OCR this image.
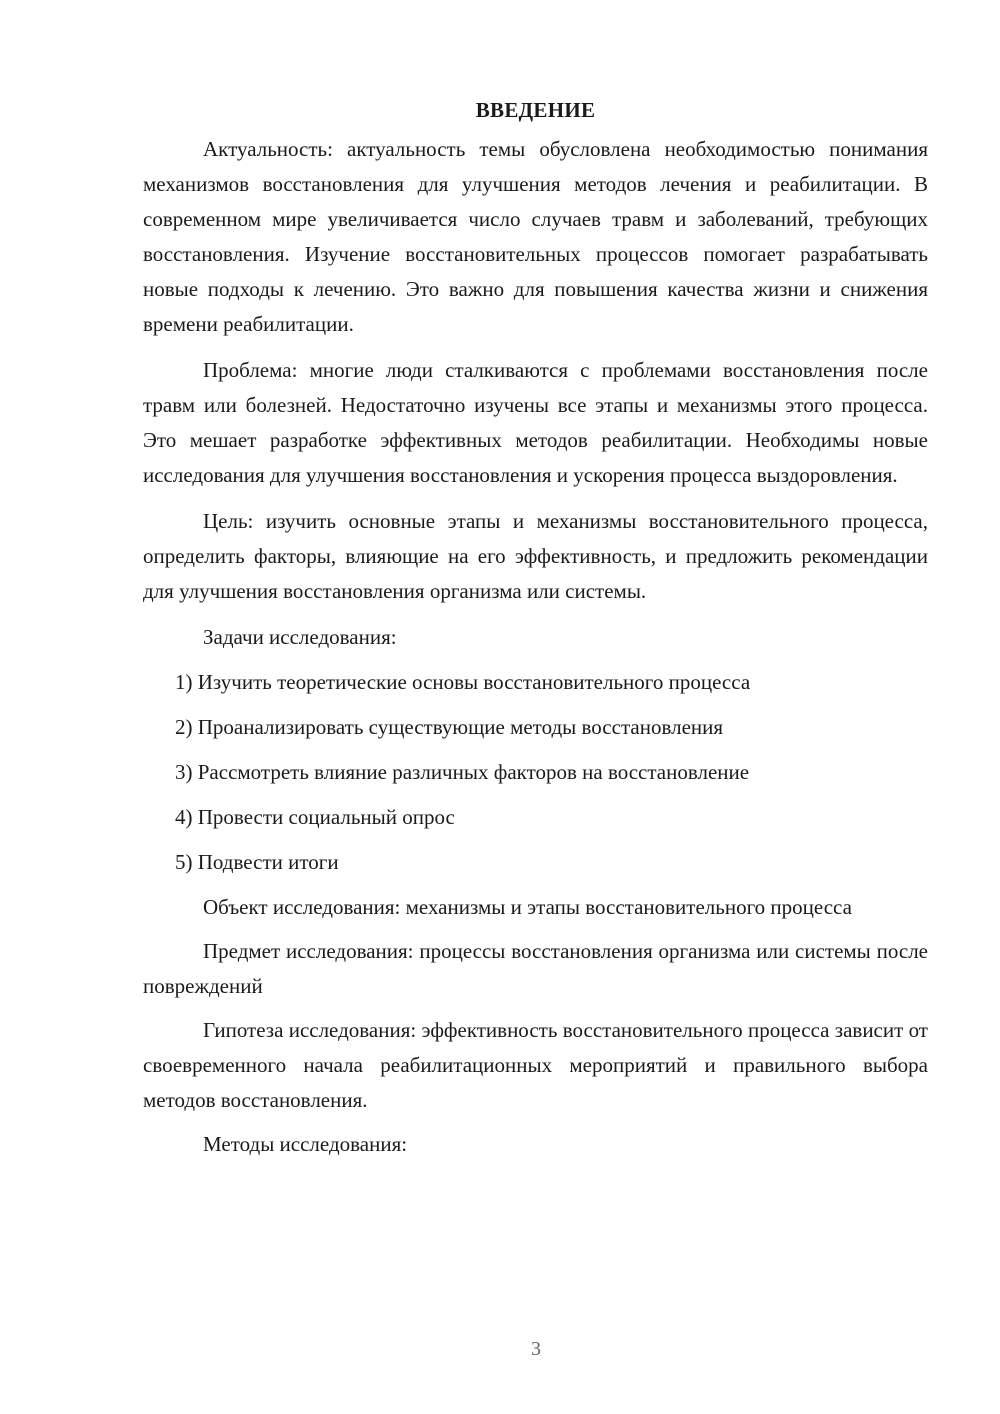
ВВЕДЕНИЕ

Актуальность: актуальность темы обусловлена необходимостью понимания механизмов восстановления для улучшения методов лечения и реабилитации. В современном мире увеличивается число случаев травм и заболеваний, требующих восстановления. Изучение восстановительных процессов помогает разрабатывать новые подходы к лечению. Это важно для повышения качества жизни и снижения времени реабилитации.

Проблема: многие люди сталкиваются с проблемами восстановления после травм или болезней. Недостаточно изучены все этапы и механизмы этого процесса. Это мешает разработке эффективных методов реабилитации. Необходимы новые исследования для улучшения восстановления и ускорения процесса выздоровления.

Цель: изучить основные этапы и механизмы восстановительного процесса, определить факторы, влияющие на его эффективность, и предложить рекомендации для улучшения восстановления организма или системы.

Задачи исследования:

1) Изучить теоретические основы восстановительного процесса
2) Проанализировать существующие методы восстановления
3) Рассмотреть влияние различных факторов на восстановление
4) Провести социальный опрос
5) Подвести итоги

Объект исследования: механизмы и этапы восстановительного процесса

Предмет исследования: процессы восстановления организма или системы после повреждений

Гипотеза исследования: эффективность восстановительного процесса зависит от своевременного начала реабилитационных мероприятий и правильного выбора методов восстановления.

Методы исследования:

3
